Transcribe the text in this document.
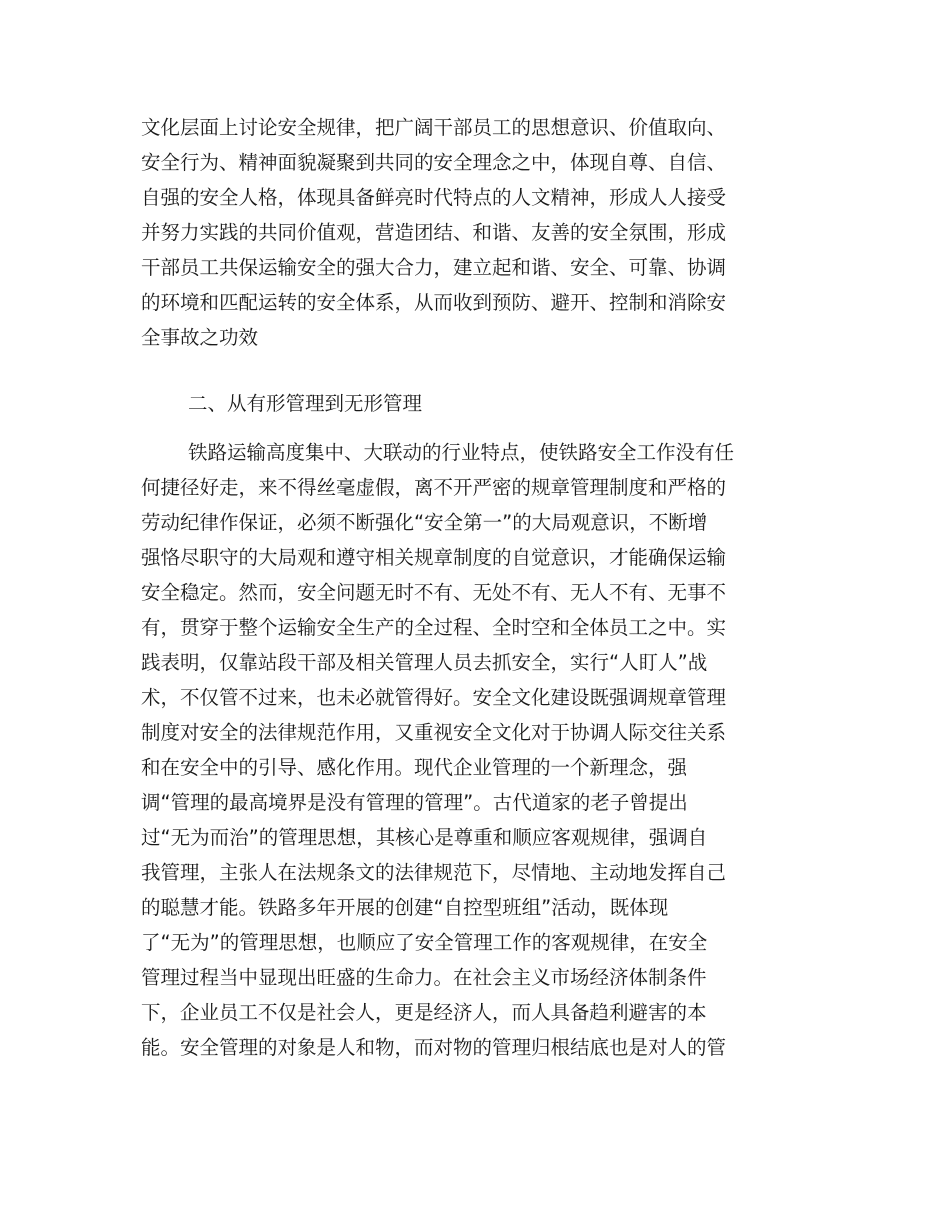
文化层面上讨论安全规律，把广阔干部员工的思想意识、价值取向、
安全行为、精神面貌凝聚到共同的安全理念之中，体现自尊、自信、
自强的安全人格，体现具备鲜亮时代特点的人文精神，形成人人接受
并努力实践的共同价值观，营造团结、和谐、友善的安全氛围，形成
干部员工共保运输安全的强大合力，建立起和谐、安全、可靠、协调
的环境和匹配运转的安全体系，从而收到预防、避开、控制和消除安
全事故之功效
二、从有形管理到无形管理
铁路运输高度集中、大联动的行业特点，使铁路安全工作没有任
何捷径好走，来不得丝毫虚假，离不开严密的规章管理制度和严格的
劳动纪律作保证，必须不断强化“安全第一”的大局观意识，不断增
强恪尽职守的大局观和遵守相关规章制度的自觉意识，才能确保运输
安全稳定。然而，安全问题无时不有、无处不有、无人不有、无事不
有，贯穿于整个运输安全生产的全过程、全时空和全体员工之中。实
践表明，仅靠站段干部及相关管理人员去抓安全，实行“人盯人”战
术，不仅管不过来，也未必就管得好。安全文化建设既强调规章管理
制度对安全的法律规范作用，又重视安全文化对于协调人际交往关系
和在安全中的引导、感化作用。现代企业管理的一个新理念，强
调“管理的最高境界是没有管理的管理”。古代道家的老子曾提出
过“无为而治”的管理思想，其核心是尊重和顺应客观规律，强调自
我管理，主张人在法规条文的法律规范下，尽情地、主动地发挥自己
的聪慧才能。铁路多年开展的创建“自控型班组”活动，既体现
了“无为”的管理思想，也顺应了安全管理工作的客观规律，在安全
管理过程当中显现出旺盛的生命力。在社会主义市场经济体制条件
下，企业员工不仅是社会人，更是经济人，而人具备趋利避害的本
能。安全管理的对象是人和物，而对物的管理归根结底也是对人的管
